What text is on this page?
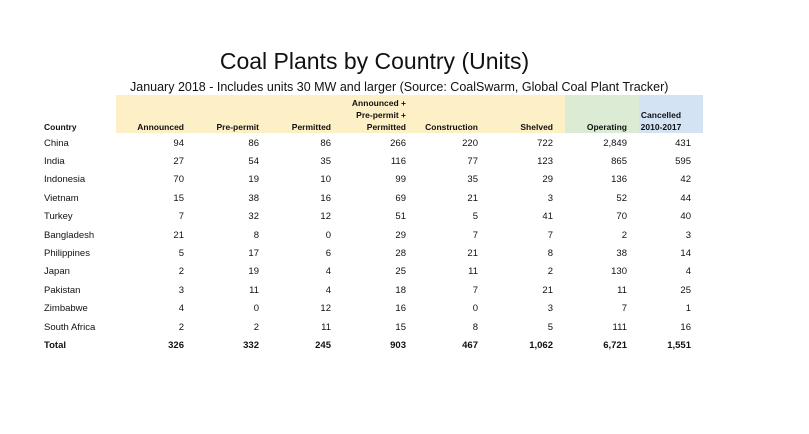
Coal Plants by Country (Units)
January 2018 - Includes units 30 MW and larger (Source: CoalSwarm, Global Coal Plant Tracker)
Country	Announced	Pre-permit	Permitted	Announced + Pre-permit + Permitted	Construction	Shelved	Operating	Cancelled 2010-2017
China	94	86	86	266	220	722	2,849	431
India	27	54	35	116	77	123	865	595
Indonesia	70	19	10	99	35	29	136	42
Vietnam	15	38	16	69	21	3	52	44
Turkey	7	32	12	51	5	41	70	40
Bangladesh	21	8	0	29	7	7	2	3
Philippines	5	17	6	28	21	8	38	14
Japan	2	19	4	25	11	2	130	4
Pakistan	3	11	4	18	7	21	11	25
Zimbabwe	4	0	12	16	0	3	7	1
South Africa	2	2	11	15	8	5	111	16
Total	326	332	245	903	467	1,062	6,721	1,551
